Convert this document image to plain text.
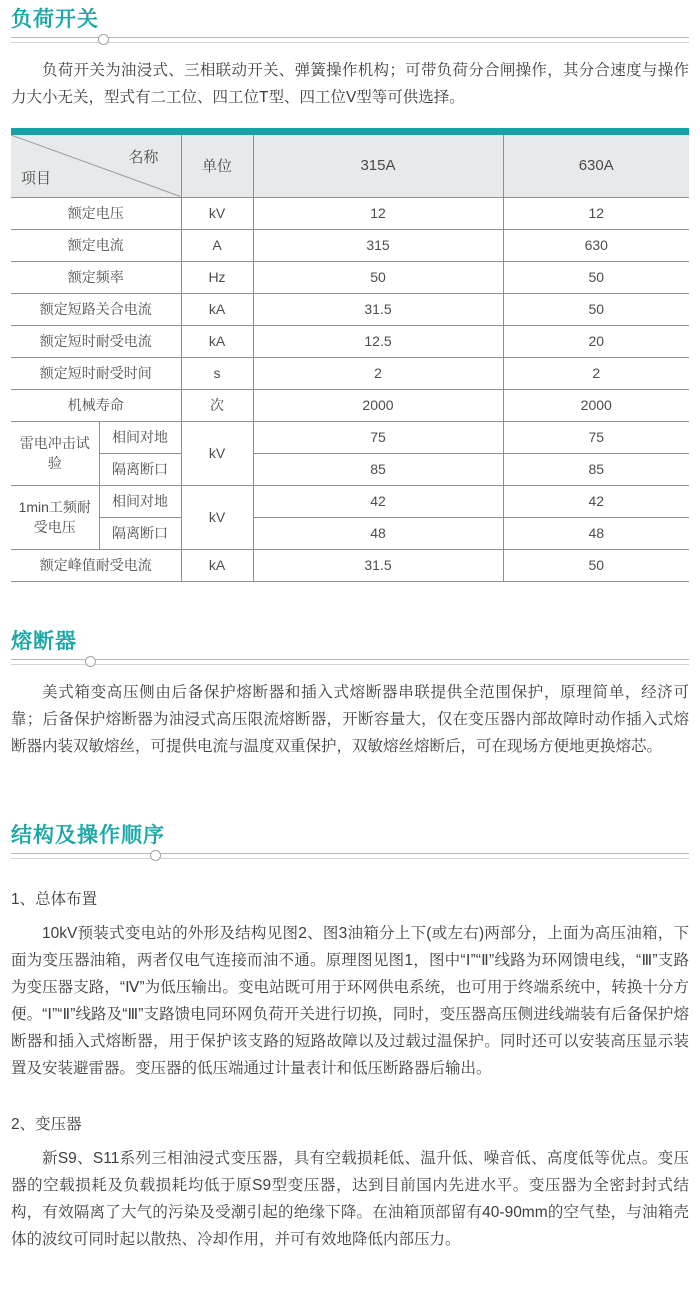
负荷开关

负荷开关为油浸式、三相联动开关、弹簧操作机构；可带负荷分合闸操作，其分合速度与操作力大小无关，型式有二工位、四工位T型、四工位V型等可供选择。

名称
项目		单位	315A	630A
额定电压		kV	12	12
额定电流		A	315	630
额定频率		Hz	50	50
额定短路关合电流		kA	31.5	50
额定短时耐受电流		kA	12.5	20
额定短时耐受时间		s	2	2
机械寿命		次	2000	2000
雷电冲击试验	相间对地	kV	75	75
	隔离断口		85	85
1min工频耐受电压	相间对地	kV	42	42
	隔离断口		48	48
额定峰值耐受电流		kA	31.5	50
熔断器

美式箱变高压侧由后备保护熔断器和插入式熔断器串联提供全范围保护，原理简单，经济可靠；后备保护熔断器为油浸式高压限流熔断器，开断容量大，仅在变压器内部故障时动作插入式熔断器内装双敏熔丝，可提供电流与温度双重保护，双敏熔丝熔断后，可在现场方便地更换熔芯。

结构及操作顺序
1、总体布置

10kV预装式变电站的外形及结构见图2、图3油箱分上下(或左右)两部分，上面为高压油箱，下面为变压器油箱，两者仅电气连接而油不通。原理图见图1，图中“Ⅰ”“Ⅱ”线路为环网馈电线，“Ⅲ”支路为变压器支路，“Ⅳ”为低压输出。变电站既可用于环网供电系统，也可用于终端系统中，转换十分方便。“Ⅰ”“Ⅱ”线路及“Ⅲ”支路馈电同环网负荷开关进行切换，同时，变压器高压侧进线端装有后备保护熔断器和插入式熔断器，用于保护该支路的短路故障以及过载过温保护。同时还可以安装高压显示装置及安装避雷器。变压器的低压端通过计量表计和低压断路器后输出。

2、变压器

新S9、S11系列三相油浸式变压器，具有空载损耗低、温升低、噪音低、高度低等优点。变压器的空载损耗及负载损耗均低于原S9型变压器，达到目前国内先进水平。变压器为全密封封式结构，有效隔离了大气的污染及受潮引起的绝缘下降。在油箱顶部留有40-90mm的空气垫，与油箱壳体的波纹可同时起以散热、冷却作用，并可有效地降低内部压力。
